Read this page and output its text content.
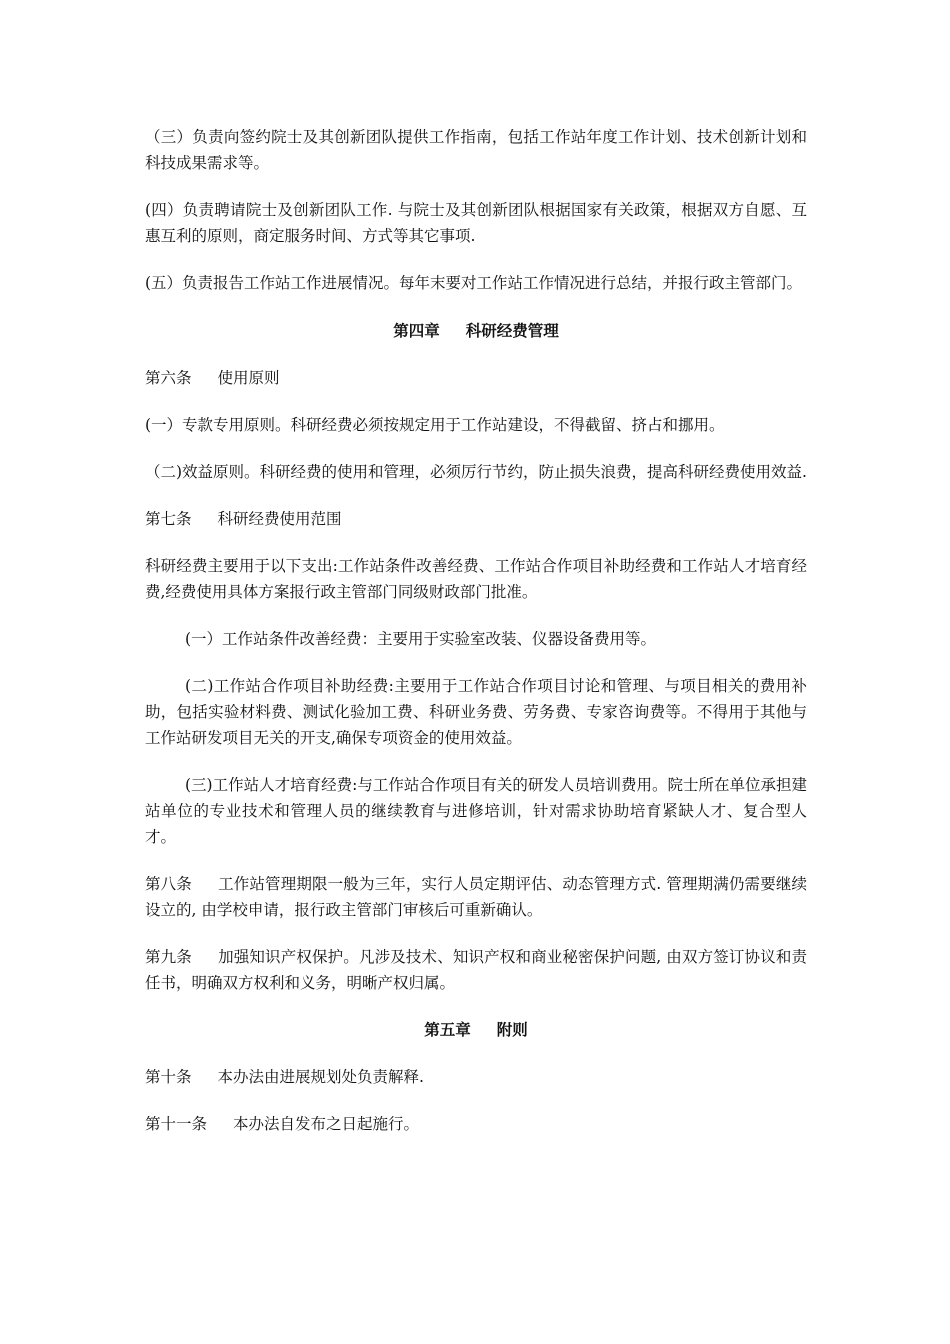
（三）负责向签约院士及其创新团队提供工作指南，包括工作站年度工作计划、技术创新计划和科技成果需求等。

(四）负责聘请院士及创新团队工作. 与院士及其创新团队根据国家有关政策，根据双方自愿、互惠互利的原则，商定服务时间、方式等其它事项.

(五）负责报告工作站工作进展情况。每年末要对工作站工作情况进行总结，并报行政主管部门。

第四章 科研经费管理

第六条 使用原则

(一）专款专用原则。科研经费必须按规定用于工作站建设，不得截留、挤占和挪用。

（二)效益原则。科研经费的使用和管理，必须厉行节约，防止损失浪费，提高科研经费使用效益.

第七条 科研经费使用范围

科研经费主要用于以下支出:工作站条件改善经费、工作站合作项目补助经费和工作站人才培育经费,经费使用具体方案报行政主管部门同级财政部门批准。

(一）工作站条件改善经费：主要用于实验室改装、仪器设备费用等。

(二)工作站合作项目补助经费:主要用于工作站合作项目讨论和管理、与项目相关的费用补助，包括实验材料费、测试化验加工费、科研业务费、劳务费、专家咨询费等。不得用于其他与工作站研发项目无关的开支,确保专项资金的使用效益。

(三)工作站人才培育经费:与工作站合作项目有关的研发人员培训费用。院士所在单位承担建站单位的专业技术和管理人员的继续教育与进修培训，针对需求协助培育紧缺人才、复合型人才。

第八条 工作站管理期限一般为三年，实行人员定期评估、动态管理方式. 管理期满仍需要继续设立的, 由学校申请，报行政主管部门审核后可重新确认。

第九条 加强知识产权保护。凡涉及技术、知识产权和商业秘密保护问题, 由双方签订协议和责任书，明确双方权利和义务，明晰产权归属。

第五章 附则

第十条 本办法由进展规划处负责解释.

第十一条 本办法自发布之日起施行。
